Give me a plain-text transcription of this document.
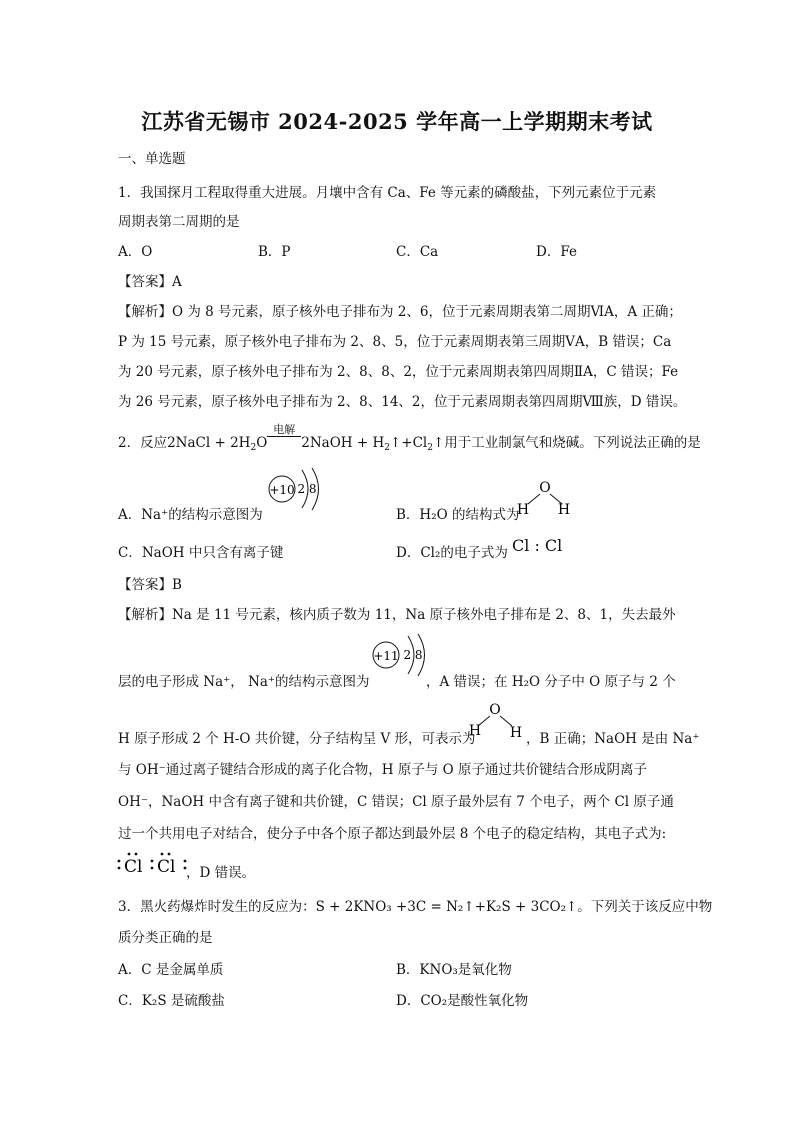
江苏省无锡市 2024-2025 学年高一上学期期末考试
一、单选题
1．我国探月工程取得重大进展。月壤中含有 Ca、Fe 等元素的磷酸盐，下列元素位于元素
周期表第二周期的是
A．O	B．P	C．Ca	D．Fe
【答案】A
【解析】O 为 8 号元素，原子核外电子排布为 2、6，位于元素周期表第二周期ⅥA，A 正确；
P 为 15 号元素，原子核外电子排布为 2、8、5，位于元素周期表第三周期ⅤA，B 错误；Ca
为 20 号元素，原子核外电子排布为 2、8、8、2，位于元素周期表第四周期ⅡA，C 错误；Fe
为 26 号元素，原子核外电子排布为 2、8、14、2，位于元素周期表第四周期Ⅷ族，D 错误。
2．反应2NaCl + $2H_2O$
电解
2NaOH + $H_2↑+Cl_2↑$用于工业制氯气和烧碱。下列说法正确的是
A．Na⁺的结构示意图为
+10 2 8
B．H₂O 的结构式为
O
H H
C．NaOH 中只含有离子键	D．Cl₂的电子式为 Cl : Cl
【答案】B
【解析】Na 是 11 号元素，核内质子数为 11，Na 原子核外电子排布是 2、8、1，失去最外
层的电子形成 Na⁺， Na⁺的结构示意图为
+11 2 8
，A 错误；在 H₂O 分子中 O 原子与 2 个
H 原子形成 2 个 H-O 共价键，分子结构呈 V 形，可表示为
O
H H ，B 正确；NaOH 是由 Na⁺
与 OH⁻通过离子键结合形成的离子化合物，H 原子与 O 原子通过共价键结合形成阴离子
OH⁻，NaOH 中含有离子键和共价键，C 错误；Cl 原子最外层有 7 个电子，两个 Cl 原子通
过一个共用电子对结合，使分子中各个原子都达到最外层 8 个电子的稳定结构，其电子式为:
Cl Cl ，D 错误。
3．黑火药爆炸时发生的反应为：S + 2KNO₃ +3C = N₂↑+K₂S + 3CO₂↑。下列关于该反应中物
质分类正确的是
A．C 是金属单质	B．KNO₃是氧化物
C．K₂S 是硫酸盐	D．CO₂是酸性氧化物
